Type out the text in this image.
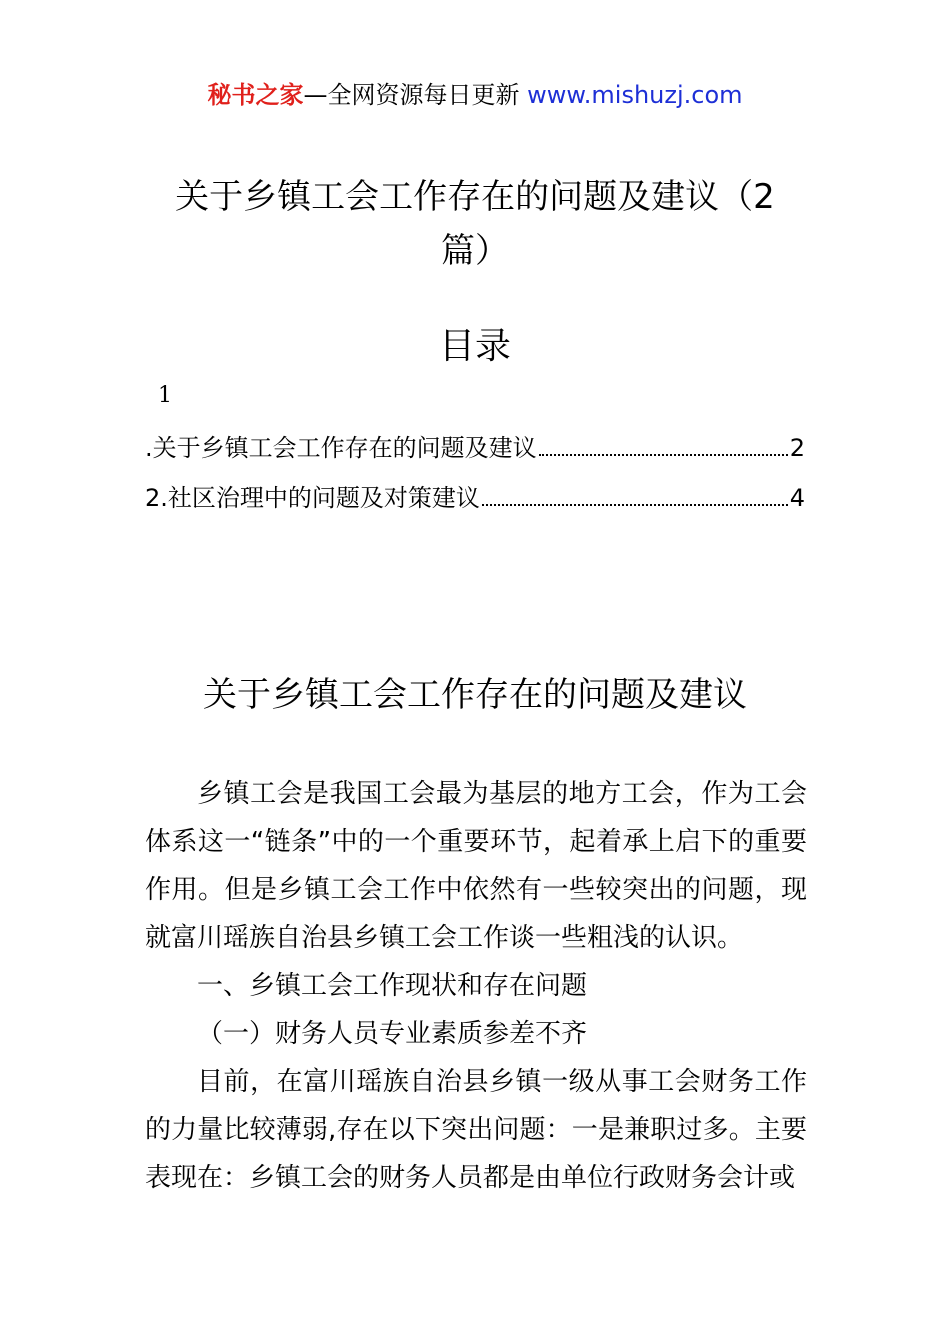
秘书之家—全网资源每日更新 www.mishuzj.com
关于乡镇工会工作存在的问题及建议（2篇）
目录
1
.关于乡镇工会工作存在的问题及建议	2
2.社区治理中的问题及对策建议	4
关于乡镇工会工作存在的问题及建议

乡镇工会是我国工会最为基层的地方工会，作为工会体系这一“链条”中的一个重要环节，起着承上启下的重要作用。但是乡镇工会工作中依然有一些较突出的问题，现就富川瑶族自治县乡镇工会工作谈一些粗浅的认识。

一、乡镇工会工作现状和存在问题

（一）财务人员专业素质参差不齐

目前，在富川瑶族自治县乡镇一级从事工会财务工作的力量比较薄弱,存在以下突出问题：一是兼职过多。主要表现在：乡镇工会的财务人员都是由单位行政财务会计或
